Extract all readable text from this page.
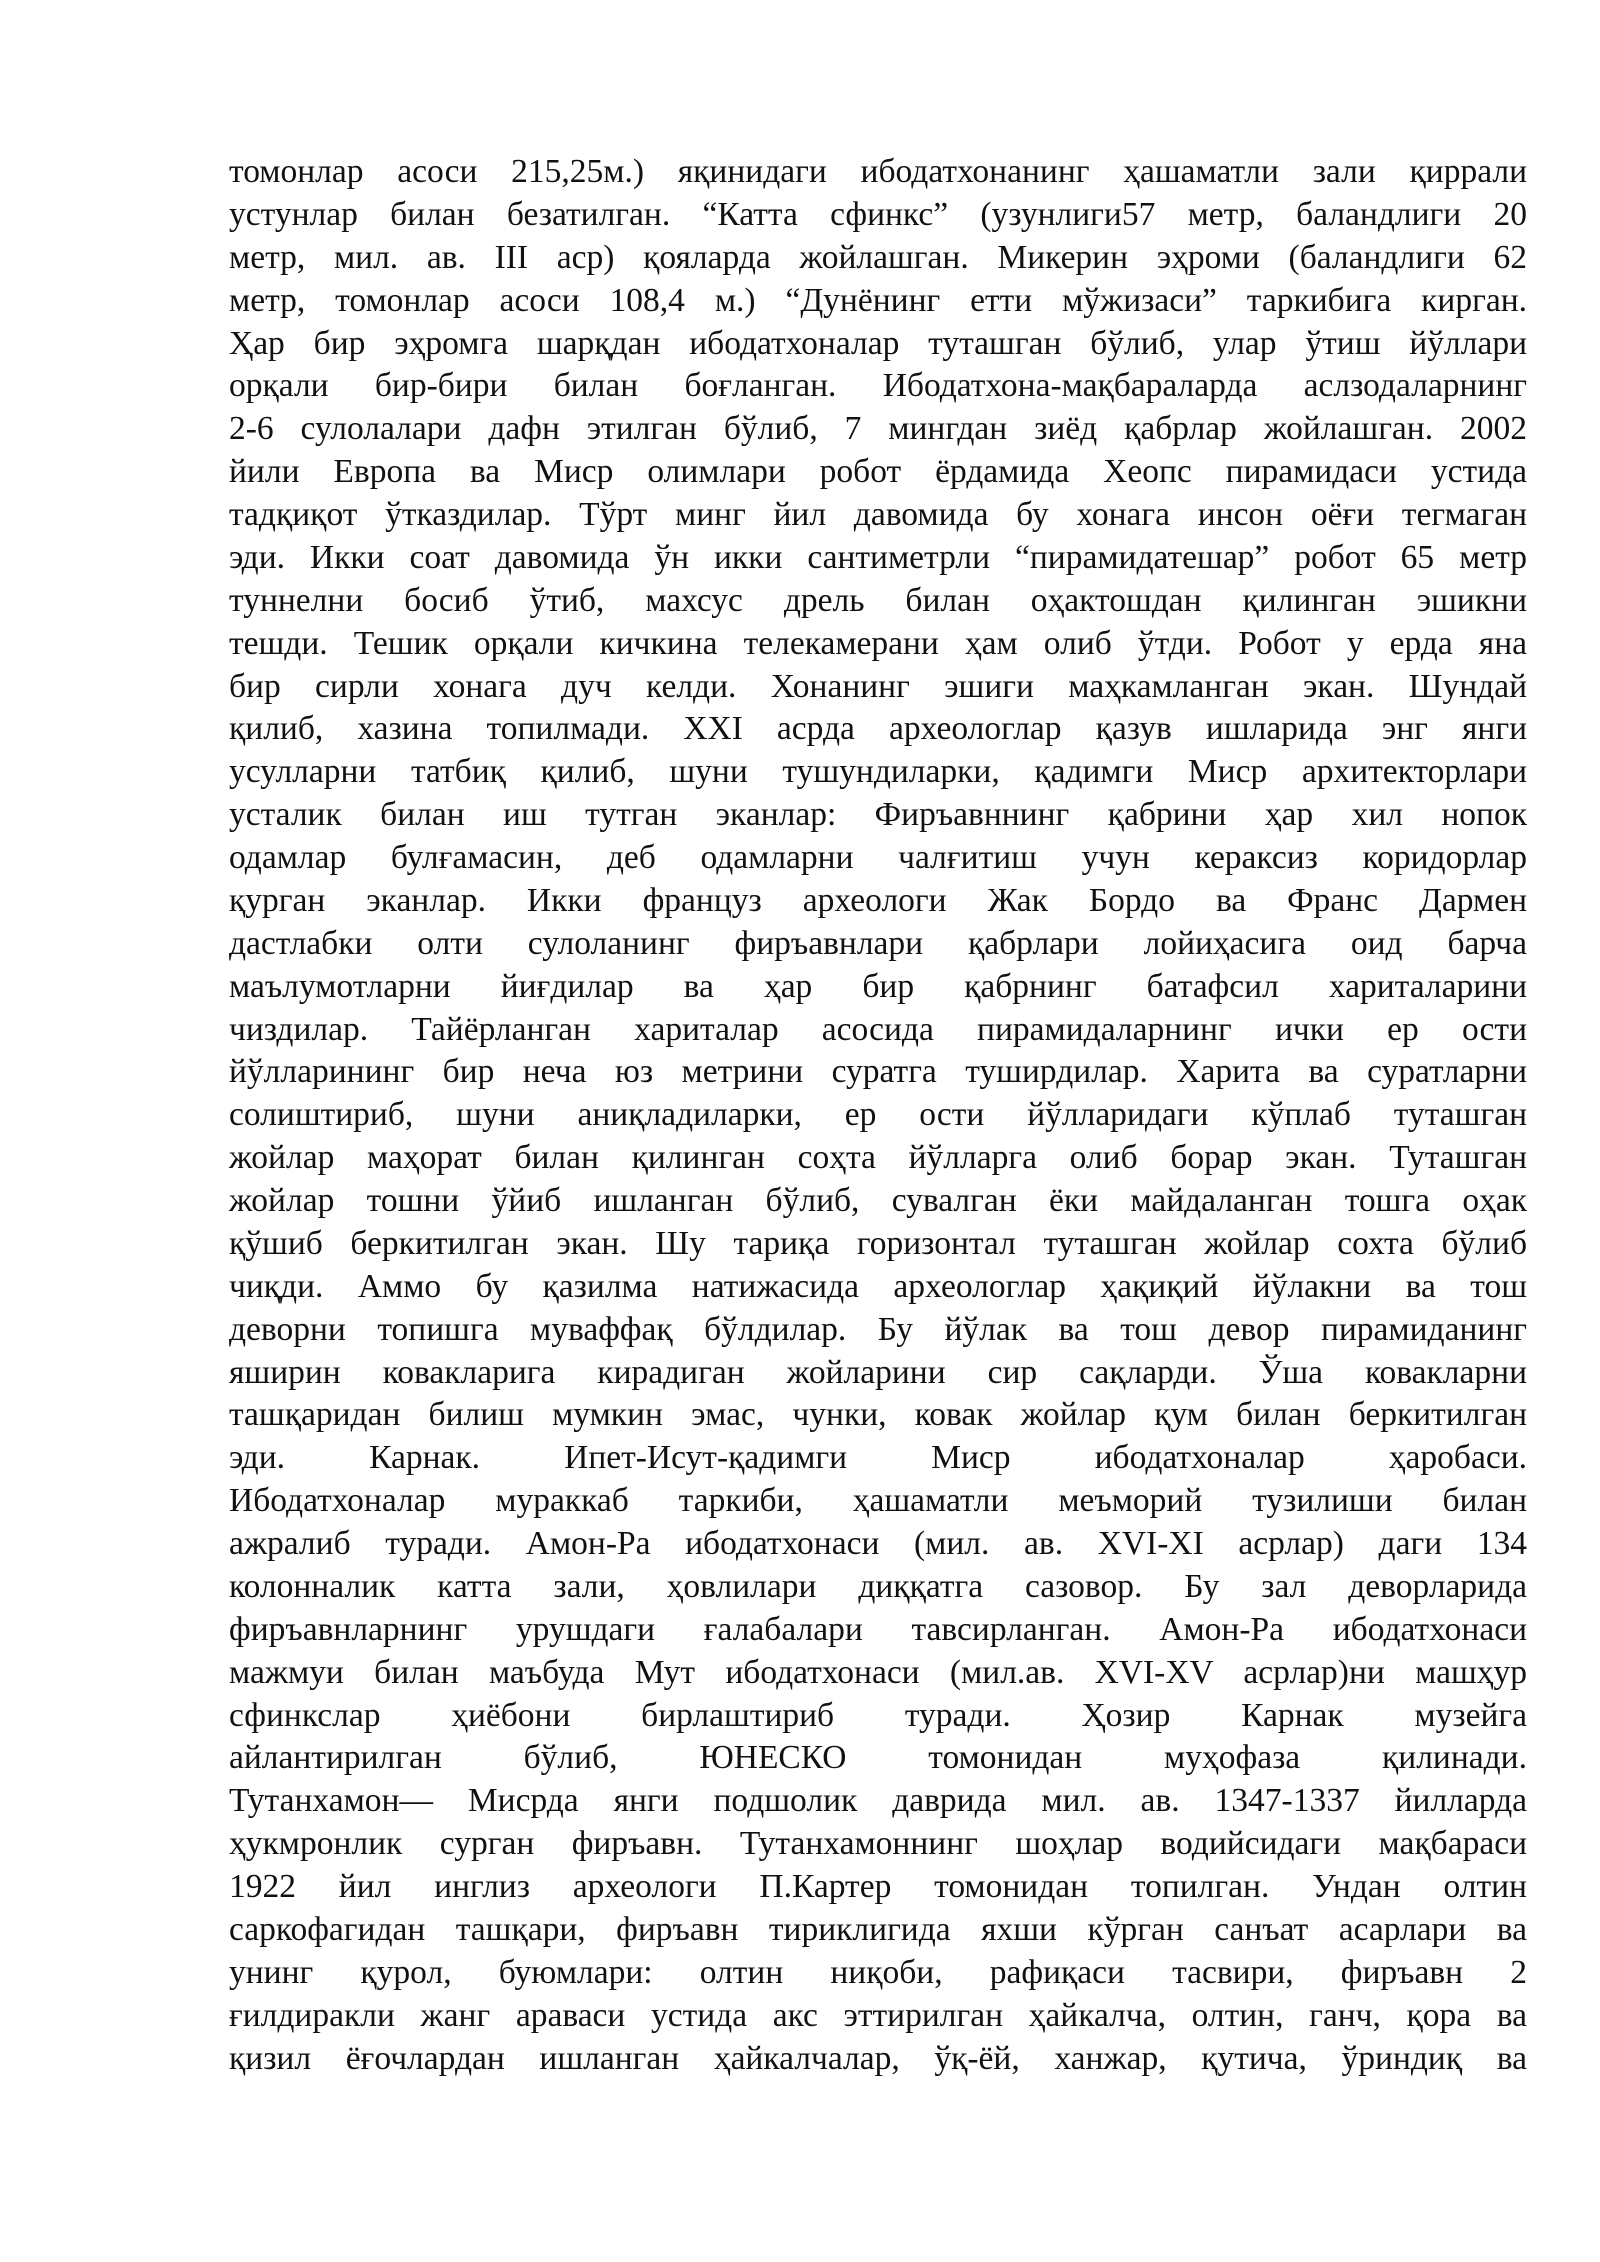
томонлар асоси 215,25м.) яқинидаги ибодатхонанинг ҳашаматли зали қиррали
устунлар билан безатилган. “Катта сфинкс” (узунлиги57 метр, баландлиги 20
метр, мил. ав. III аср) қояларда жойлашган. Микерин эҳроми (баландлиги 62
метр, томонлар асоси 108,4 м.) “Дунёнинг етти мўжизаси” таркибига кирган.
Ҳар бир эҳромга шарқдан ибодатхоналар туташган бўлиб, улар ўтиш йўллари
орқали бир-бири билан боғланган. Ибодатхона-мақбараларда аслзодаларнинг
2-6 сулолалари дафн этилган бўлиб, 7 мингдан зиёд қабрлар жойлашган. 2002
йили Европа ва Миср олимлари робот ёрдамида Хеопс пирамидаси устида
тадқиқот ўтказдилар. Тўрт минг йил давомида бу хонага инсон оёғи тегмаган
эди. Икки соат давомида ўн икки сантиметрли “пирамидатешар” робот 65 метр
туннелни босиб ўтиб, махсус дрель билан оҳактошдан қилинган эшикни
тешди. Тешик орқали кичкина телекамерани ҳам олиб ўтди. Робот у ерда яна
бир сирли хонага дуч келди. Хонанинг эшиги маҳкамланган экан. Шундай
қилиб, хазина топилмади. XXI асрда археологлар қазув ишларида энг янги
усулларни татбиқ қилиб, шуни тушундиларки, қадимги Миср архитекторлари
усталик билан иш тутган эканлар: Фиръавннинг қабрини ҳар хил нопок
одамлар булғамасин, деб одамларни чалғитиш учун кераксиз коридорлар
қурган эканлар. Икки француз археологи Жак Бордо ва Франс Дармен
дастлабки олти сулоланинг фиръавнлари қабрлари лойиҳасига оид барча
маълумотларни йиғдилар ва ҳар бир қабрнинг батафсил хариталарини
чиздилар. Тайёрланган хариталар асосида пирамидаларнинг ички ер ости
йўлларининг бир неча юз метрини суратга туширдилар. Харита ва суратларни
солиштириб, шуни аниқладиларки, ер ости йўлларидаги кўплаб туташган
жойлар маҳорат билан қилинган соҳта йўлларга олиб борар экан. Туташган
жойлар тошни ўйиб ишланган бўлиб, сувалган ёки майдаланган тошга оҳак
қўшиб беркитилган экан. Шу тариқа горизонтал туташган жойлар сохта бўлиб
чиқди. Аммо бу қазилма натижасида археологлар ҳақиқий йўлакни ва тош
деворни топишга муваффақ бўлдилар. Бу йўлак ва тош девор пирамиданинг
яширин ковакларига кирадиган жойларини сир сақларди. Ўша ковакларни
ташқаридан билиш мумкин эмас, чунки, ковак жойлар қум билан беркитилган
эди. Карнак. Ипет-Исут-қадимги Миср ибодатхоналар ҳаробаси.
Ибодатхоналар мураккаб таркиби, ҳашаматли меъморий тузилиши билан
ажралиб туради. Амон-Ра ибодатхонаси (мил. ав. XVI-XI асрлар) даги 134
колонналик катта зали, ҳовлилари диққатга сазовор. Бу зал деворларида
фиръавнларнинг урушдаги ғалабалари тавсирланган. Амон-Ра ибодатхонаси
мажмуи билан маъбуда Мут ибодатхонаси (мил.ав. XVI-XV асрлар)ни машҳур
сфинкслар ҳиёбони бирлаштириб туради. Ҳозир Карнак музейга
айлантирилган бўлиб, ЮНЕСКО томонидан муҳофаза қилинади.
Тутанхамон— Мисрда янги подшолик даврида мил. ав. 1347-1337 йилларда
ҳукмронлик сурган фиръавн. Тутанхамоннинг шоҳлар водийсидаги мақбараси
1922 йил инглиз археологи П.Картер томонидан топилган. Ундан олтин
саркофагидан ташқари, фиръавн тириклигида яхши кўрган санъат асарлари ва
унинг қурол, буюмлари: олтин ниқоби, рафиқаси тасвири, фиръавн 2
ғилдиракли жанг араваси устида акс эттирилган ҳайкалча, олтин, ганч, қора ва
қизил ёғочлардан ишланган ҳайкалчалар, ўқ-ёй, ханжар, қутича, ўриндиқ ва
